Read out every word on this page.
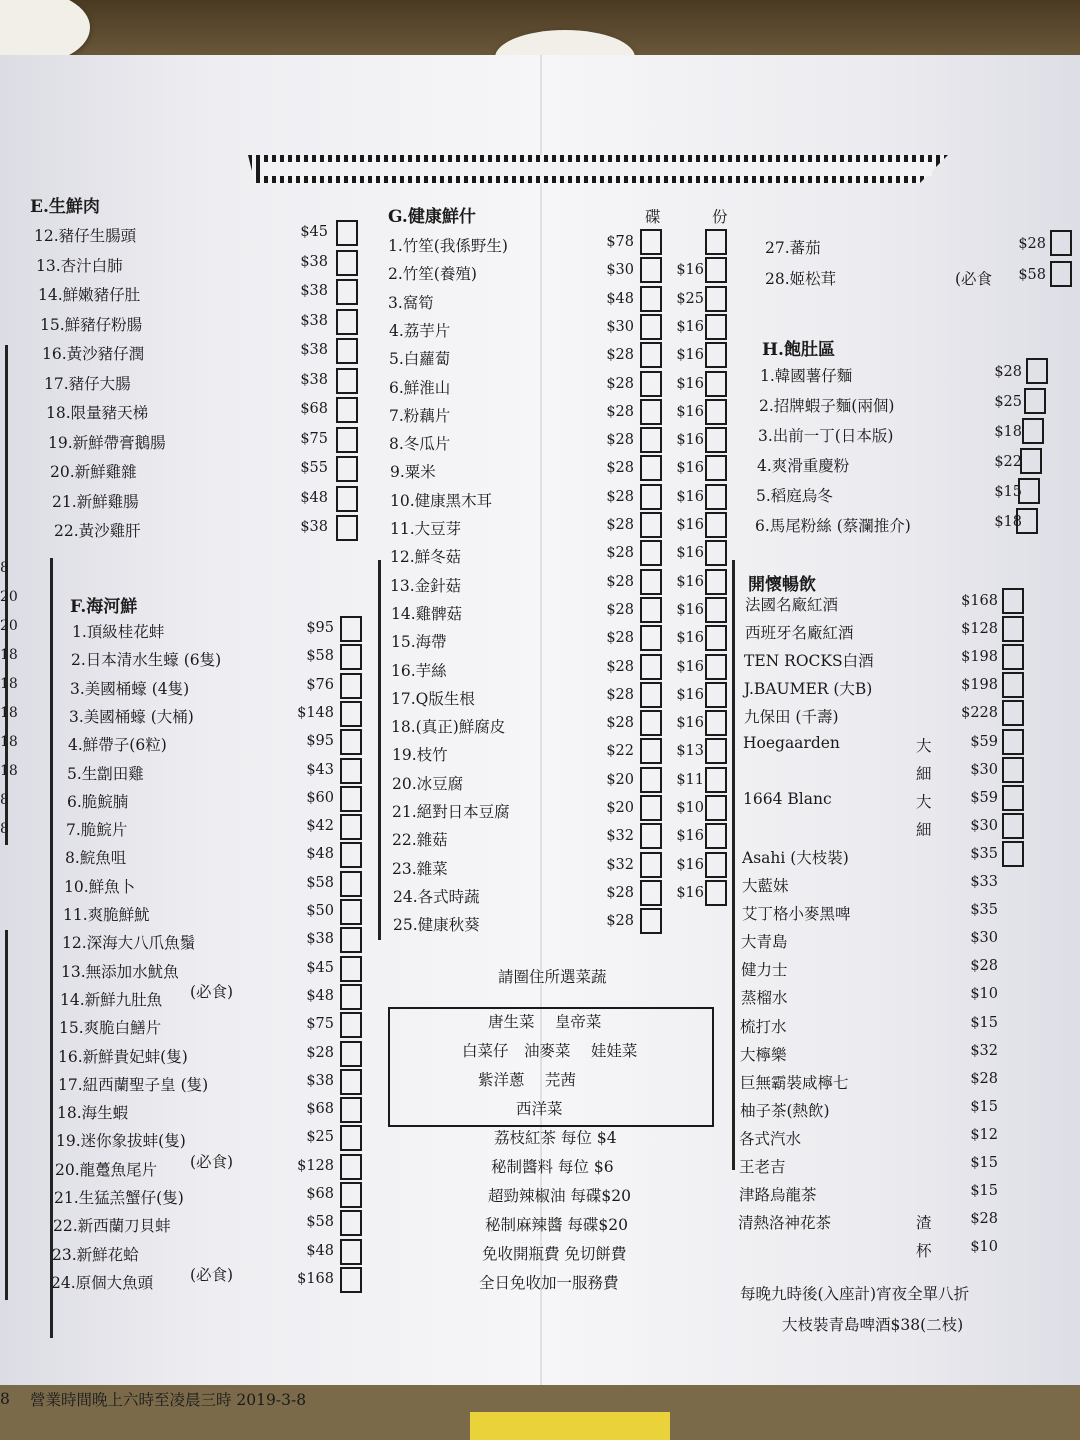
E.生鮮肉
12.豬仔生腸頭	$45
13.杏汁白肺	$38
14.鮮嫩豬仔肚	$38
15.鮮豬仔粉腸	$38
16.黃沙豬仔潤	$38
17.豬仔大腸	$38
18.限量豬天梯	$68
19.新鮮帶膏鵝腸	$75
20.新鮮雞雜	$55
21.新鮮雞腸	$48
22.黃沙雞肝	$38
8
20
20
18
18
18
18
18
8
8
F.海河鮮
1.頂級桂花蚌	$95
2.日本清水生蠔 (6隻)	$58
3.美國桶蠔 (4隻)	$76
3.美國桶蠔 (大桶)	$148
4.鮮帶子(6粒)	$95
5.生劏田雞	$43
6.脆鯇腩	$60
7.脆鯇片	$42
8.鯇魚咀	$48
10.鮮魚卜	$58
11.爽脆鮮魷	$50
12.深海大八爪魚鬚	$38
13.無添加水魷魚	$45
14.新鮮九肚魚 (必食)	$48
15.爽脆白鱔片	$75
16.新鮮貴妃蚌(隻)	$28
17.紐西蘭聖子皇 (隻)	$38
18.海生蝦	$68
19.迷你象拔蚌(隻)	$25
20.龍躉魚尾片 (必食)	$128
21.生猛羔蟹仔(隻)	$68
22.新西蘭刀貝蚌	$58
23.新鮮花蛤	$48
24.原個大魚頭 (必食)	$168
G.健康鮮什	碟	份
1.竹笙(我係野生)	$78
2.竹笙(養殖)	$30	$16
3.窩筍	$48	$25
4.荔芋片	$30	$16
5.白蘿蔔	$28	$16
6.鮮淮山	$28	$16
7.粉藕片	$28	$16
8.冬瓜片	$28	$16
9.粟米	$28	$16
10.健康黑木耳	$28	$16
11.大豆芽	$28	$16
12.鮮冬菇	$28	$16
13.金針菇	$28	$16
14.雞髀菇	$28	$16
15.海帶	$28	$16
16.芋絲	$28	$16
17.Q版生根	$28	$16
18.(真正)鮮腐皮	$28	$16
19.枝竹	$22	$13
20.冰豆腐	$20	$11
21.絕對日本豆腐	$20	$10
22.雜菇	$32	$16
23.雜菜	$32	$16
24.各式時蔬	$28	$16
25.健康秋葵	$28
請圈住所選菜蔬
唐生菜　 皇帝菜
白菜仔　油麥菜　 娃娃菜
紫洋蔥　 芫茜
西洋菜
荔枝紅茶 每位 $4
秘制醬料 每位 $6
超勁辣椒油 每碟$20
秘制麻辣醬 每碟$20
免收開瓶費 免切餅費
全日免收加一服務費
27.蕃茄	$28
28.姬松茸	(必食	$58
H.飽肚區
1.韓國薯仔麵	$28
2.招牌蝦子麵(兩個)	$25
3.出前一丁(日本版)	$18
4.爽滑重慶粉	$22
5.稻庭烏冬	$15
6.馬尾粉絲 (蔡瀾推介)	$18
開懷暢飲
法國名廠紅酒	$168
西班牙名廠紅酒	$128
TEN ROCKS白酒	$198
J.BAUMER (大B)	$198
九保田 (千壽)	$228
Hoegaarden	大	$59
細	$30
1664 Blanc	大	$59
細	$30
Asahi (大枝裝)	$35
大藍妹	$33
艾丁格小麥黑啤	$35
大青島	$30
健力士	$28
蒸榴水	$10
梳打水	$15
大檸樂	$32
巨無霸裝咸檸七	$28
柚子茶(熱飲)	$15
各式汽水	$12
王老吉	$15
津路烏龍茶	$15
清熱洛神花茶	渣	$28
杯	$10
每晚九時後(入座計)宵夜全單八折
大枝裝青島啤酒$38(二枝)
8 營業時間晚上六時至凌晨三時 2019-3-8
